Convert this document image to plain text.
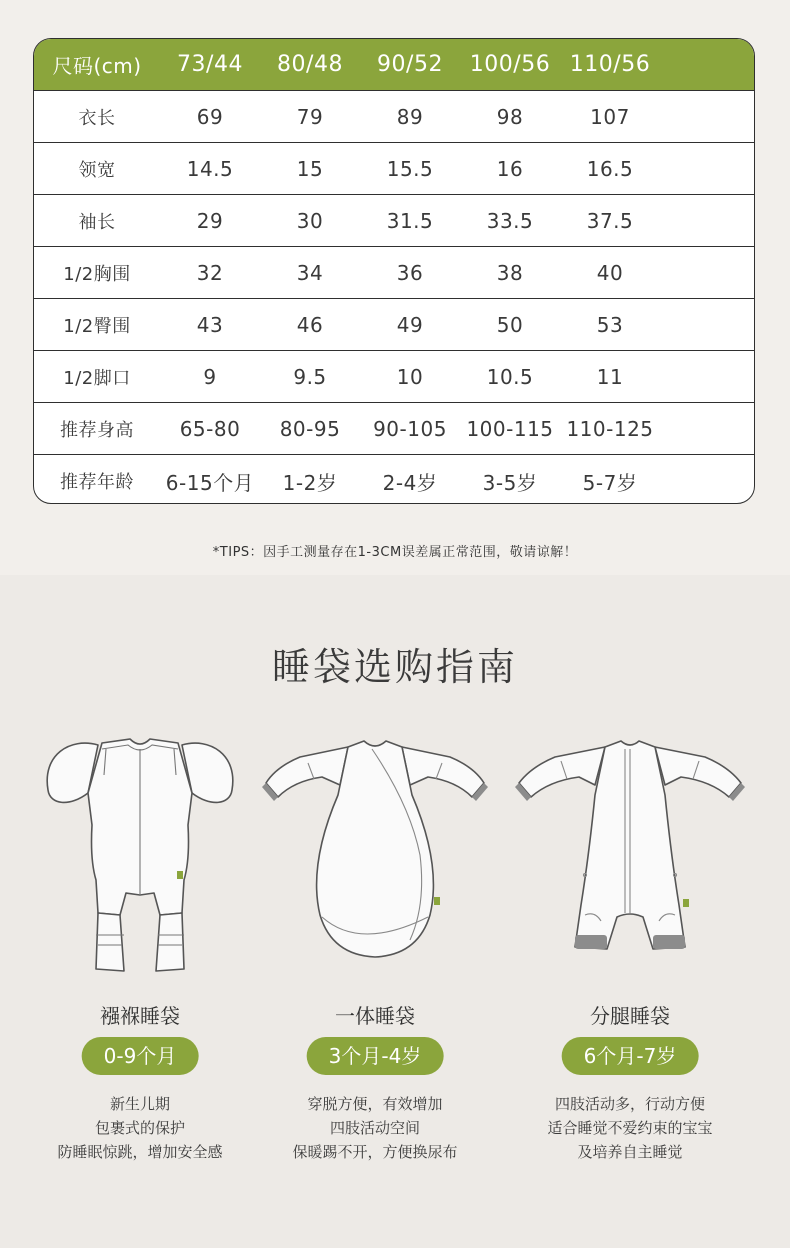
尺码(cm)	73/44	80/48	90/52	100/56 110/56
衣长	69	79	89	98	107
领宽	14.5	15	15.5	16	16.5
袖长	29	30	31.5	33.5	37.5
1/2胸围	32	34	36	38	40
1/2臀围	43	46	49	50	53
1/2脚口	9	9.5	10	10.5	11
推荐身高	65-80	80-95	90-105 100-115 110-125
推荐年龄	6-15个月	1-2岁	2-4岁	3-5岁	5-7岁
*TIPS：因手工测量存在1-3CM误差属正常范围，敬请谅解！
睡袋选购指南
襁褓睡袋
0-9个月
新生儿期
包裹式的保护
防睡眠惊跳，增加安全感
一体睡袋
3个月-4岁
穿脱方便，有效增加
四肢活动空间
保暖踢不开，方便换尿布
分腿睡袋
6个月-7岁
四肢活动多，行动方便
适合睡觉不爱约束的宝宝
及培养自主睡觉
